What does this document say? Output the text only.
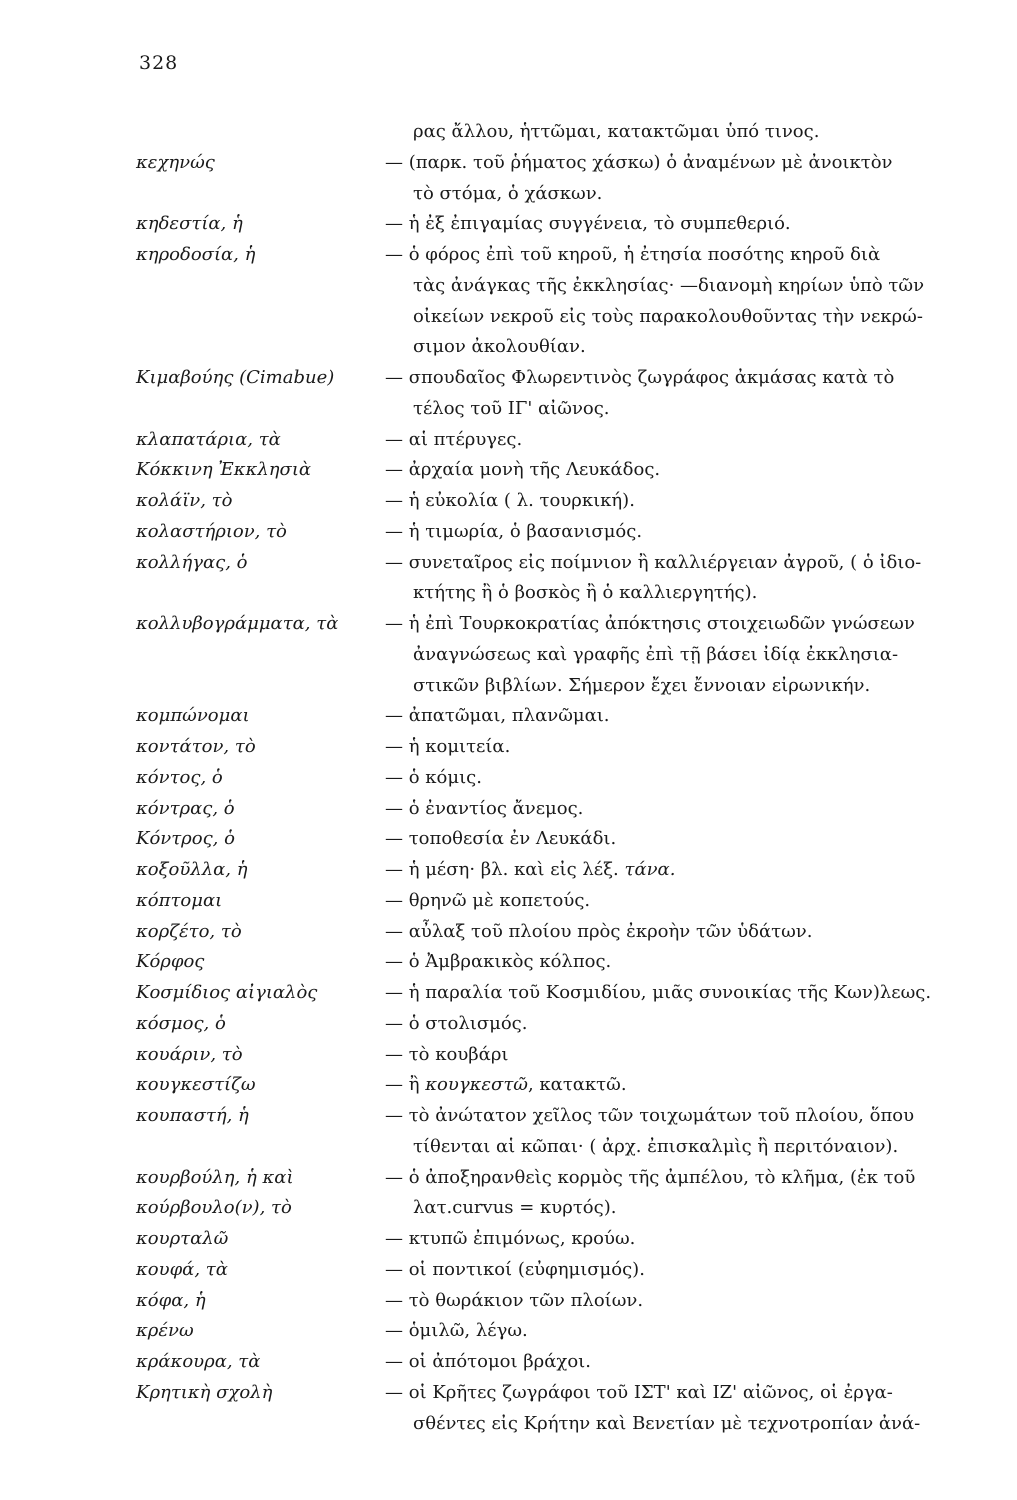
328
ρας ἄλλου, ἡττῶμαι, κατακτῶμαι ὑπό τινος.
κεχηνώς	— (παρκ. τοῦ ῥήματος χάσκω) ὁ ἀναμένων μὲ ἀνοικτὸν
τὸ στόμα, ὁ χάσκων.
κηδεστία, ἡ	— ἡ ἐξ ἐπιγαμίας συγγένεια, τὸ συμπεθεριό.
κηροδοσία, ἡ	— ὁ φόρος ἐπὶ τοῦ κηροῦ, ἡ ἐτησία ποσότης κηροῦ διὰ
τὰς ἀνάγκας τῆς ἐκκλησίας· —διανομὴ κηρίων ὑπὸ τῶν
οἰκείων νεκροῦ εἰς τοὺς παρακολουθοῦντας τὴν νεκρώ-
σιμον ἀκολουθίαν.
Κιμαβούης (Cimabue)	— σπουδαῖος Φλωρεντινὸς ζωγράφος ἀκμάσας κατὰ τὸ
τέλος τοῦ ΙΓ' αἰῶνος.
κλαπατάρια, τὰ	— αἱ πτέρυγες.
Κόκκινη Ἐκκλησιὰ	— ἀρχαία μονὴ τῆς Λευκάδος.
κολάϊν, τὸ	— ἡ εὐκολία ( λ. τουρκική).
κολαστήριον, τὸ	— ἡ τιμωρία, ὁ βασανισμός.
κολλήγας, ὁ	— συνεταῖρος εἰς ποίμνιον ἢ καλλιέργειαν ἀγροῦ, ( ὁ ἰδιο-
κτήτης ἢ ὁ βοσκὸς ἢ ὁ καλλιεργητής).
κολλυβογράμματα, τὰ	— ἡ ἐπὶ Τουρκοκρατίας ἀπόκτησις στοιχειωδῶν γνώσεων
ἀναγνώσεως καὶ γραφῆς ἐπὶ τῇ βάσει ἰδίᾳ ἐκκλησια-
στικῶν βιβλίων. Σήμερον ἔχει ἔννοιαν εἰρωνικήν.
κομπώνομαι	— ἀπατῶμαι, πλανῶμαι.
κοντάτον, τὸ	— ἡ κομιτεία.
κόντος, ὁ	— ὁ κόμις.
κόντρας, ὁ	— ὁ ἐναντίος ἄνεμος.
Κόντρος, ὁ	— τοποθεσία ἐν Λευκάδι.
κοξοῦλλα, ἡ	— ἡ μέση· βλ. καὶ εἰς λέξ. τάνα.
κόπτομαι	— θρηνῶ μὲ κοπετούς.
κορζέτο, τὸ	— αὖλαξ τοῦ πλοίου πρὸς ἐκροὴν τῶν ὑδάτων.
Κόρφος	— ὁ Ἀμβρακικὸς κόλπος.
Κοσμίδιος αἰγιαλὸς	— ἡ παραλία τοῦ Κοσμιδίου, μιᾶς συνοικίας τῆς Κων)λεως.
κόσμος, ὁ	— ὁ στολισμός.
κουάριν, τὸ	— τὸ κουβάρι
κουγκεστίζω	— ἢ κουγκεστῶ, κατακτῶ.
κουπαστή, ἡ	— τὸ ἀνώτατον χεῖλος τῶν τοιχωμάτων τοῦ πλοίου, ὅπου
τίθενται αἱ κῶπαι· ( ἀρχ. ἐπισκαλμὶς ἢ περιτόναιον).
κουρβούλη, ἡ καὶ	— ὁ ἀποξηρανθεὶς κορμὸς τῆς ἀμπέλου, τὸ κλῆμα, (ἐκ τοῦ
κούρβουλο(ν), τὸ	λατ.curvus = κυρτός).
κουρταλῶ	— κτυπῶ ἐπιμόνως, κρούω.
κουφά, τὰ	— οἱ ποντικοί (εὐφημισμός).
κόφα, ἡ	— τὸ θωράκιον τῶν πλοίων.
κρένω	— ὁμιλῶ, λέγω.
κράκουρα, τὰ	— οἱ ἀπότομοι βράχοι.
Κρητικὴ σχολὴ	— οἱ Κρῆτες ζωγράφοι τοῦ ΙΣΤ' καὶ ΙΖ' αἰῶνος, οἱ ἐργα-
σθέντες εἰς Κρήτην καὶ Βενετίαν μὲ τεχνοτροπίαν ἀνά-
